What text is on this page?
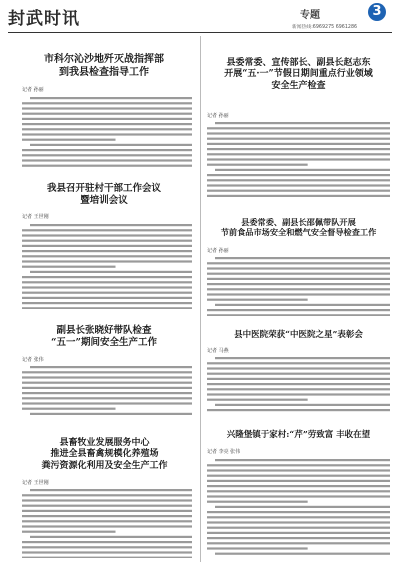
封武时讯	专题	3
新闻热线:6969275 6961286
市科尔沁沙地歼灭战指挥部
到我县检查指导工作
记者 孙丽
县委常委、宣传部长、副县长赵志东
开展“五·一”节假日期间重点行业领域
安全生产检查
记者 孙丽
我县召开驻村干部工作会议
暨培训会议
记者 王世刚	县委常委、副县长邵佩带队开展
节前食品市场安全和燃气安全督导检查工作
记者 孙丽
县中医院荣获“中医院之星”表彰会
记者 马燕
副县长张晓好带队检查
“五一”期间安全生产工作
记者 张伟
县畜牧业发展服务中心
推进全县畜禽规模化养殖场
粪污资源化利用及安全生产工作
记者 王世刚
兴隆堡镇于家村:“芹”劳致富 丰收在望
记者 李亮 张伟
